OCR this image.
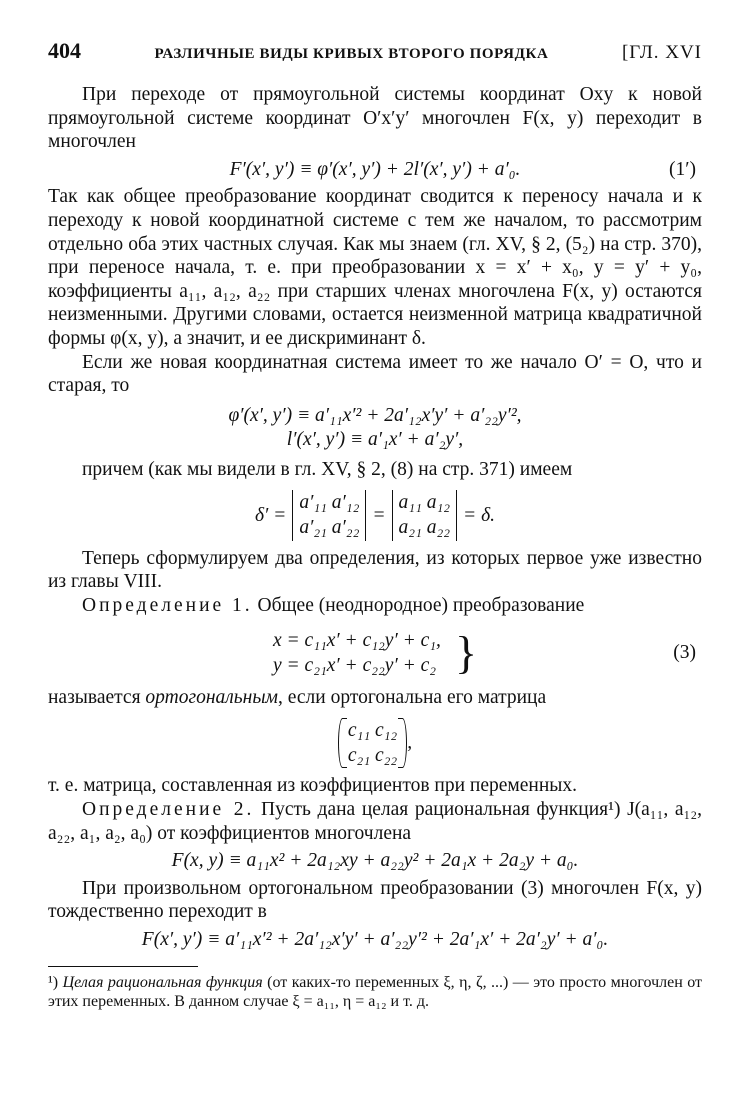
404	РАЗЛИЧНЫЕ ВИДЫ КРИВЫХ ВТОРОГО ПОРЯДКА	[ГЛ. XVI

При переходе от прямоугольной системы координат Oxy к новой прямоугольной системе координат O′x′y′ многочлен F(x, y) переходит в многочлен

F′(x′, y′) ≡ φ′(x′, y′) + 2l′(x′, y′) + a′₀.	(1′)

Так как общее преобразование координат сводится к переносу начала и к переходу к новой координатной системе с тем же началом, то рассмотрим отдельно оба этих частных случая. Как мы знаем (гл. XV, § 2, (5₂) на стр. 370), при переносе начала, т. е. при преобразовании x = x′ + x₀, y = y′ + y₀, коэффициенты a₁₁, a₁₂, a₂₂ при старших членах многочлена F(x, y) остаются неизменными. Другими словами, остается неизменной матрица квадратичной формы φ(x, y), а значит, и ее дискриминант δ.

Если же новая координатная система имеет то же начало O′ = O, что и старая, то

φ′(x′, y′) ≡ a′₁₁x′² + 2a′₁₂x′y′ + a′₂₂y′²,
l′(x′, y′) ≡ a′₁x′ + a′₂y′,

причем (как мы видели в гл. XV, § 2, (8) на стр. 371) имеем

δ′ =
a′₁₁ a′₁₂
a′₂₁ a′₂₂
=
a₁₁ a₁₂
a₂₁ a₂₂
= δ.

Теперь сформулируем два определения, из которых первое уже известно из главы VIII.

Определение 1. Общее (неоднородное) преобразование

x = c₁₁x′ + c₁₂y′ + c₁,
y = c₂₁x′ + c₂₂y′ + c₂ }	(3)

называется ортогональным, если ортогональна его матрица

c₁₁ c₁₂
c₂₁ c₂₂
,

т. е. матрица, составленная из коэффициентов при переменных.

Определение 2. Пусть дана целая рациональная функция¹) J(a₁₁, a₁₂, a₂₂, a₁, a₂, a₀) от коэффициентов многочлена

F(x, y) ≡ a₁₁x² + 2a₁₂xy + a₂₂y² + 2a₁x + 2a₂y + a₀.

При произвольном ортогональном преобразовании (3) многочлен F(x, y) тождественно переходит в

F(x′, y′) ≡ a′₁₁x′² + 2a′₁₂x′y′ + a′₂₂y′² + 2a′₁x′ + 2a′₂y′ + a′₀.

¹) Целая рациональная функция (от каких-то переменных ξ, η, ζ, ...) — это просто многочлен от этих переменных. В данном случае ξ = a₁₁, η = a₁₂ и т. д.
